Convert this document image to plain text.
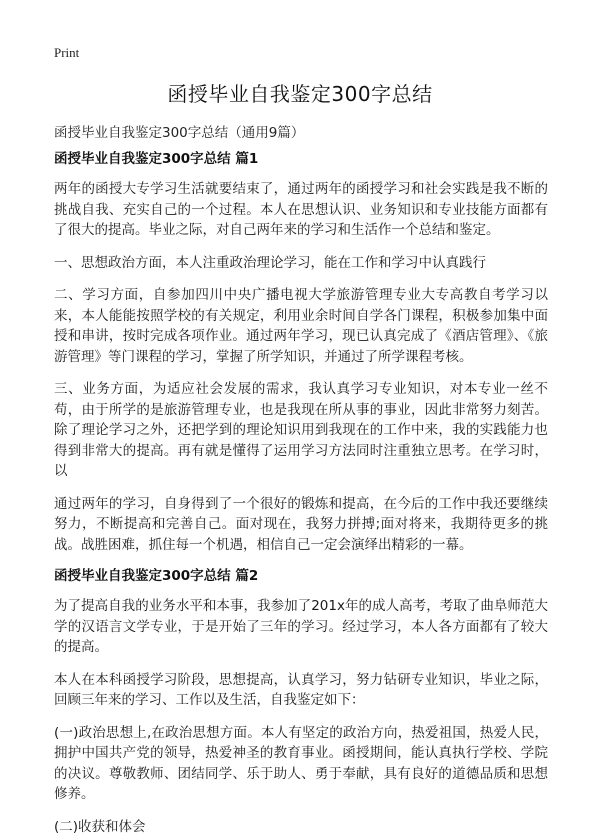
Print
函授毕业自我鉴定300字总结

函授毕业自我鉴定300字总结（通用9篇）

函授毕业自我鉴定300字总结 篇1

两年的函授大专学习生活就要结束了，通过两年的函授学习和社会实践是我不断的挑战自我、充实自己的一个过程。本人在思想认识、业务知识和专业技能方面都有了很大的提高。毕业之际，对自己两年来的学习和生活作一个总结和鉴定。

一、思想政治方面，本人注重政治理论学习，能在工作和学习中认真践行

二、学习方面，自参加四川中央广播电视大学旅游管理专业大专高教自考学习以来，本人能能按照学校的有关规定，利用业余时间自学各门课程，积极参加集中面授和串讲，按时完成各项作业。通过两年学习，现已认真完成了《酒店管理》、《旅游管理》等门课程的学习，掌握了所学知识，并通过了所学课程考核。

三、业务方面，为适应社会发展的需求，我认真学习专业知识，对本专业一丝不苟，由于所学的是旅游管理专业，也是我现在所从事的事业，因此非常努力刻苦。除了理论学习之外，还把学到的理论知识用到我现在的工作中来，我的实践能力也得到非常大的提高。再有就是懂得了运用学习方法同时注重独立思考。在学习时，以

通过两年的学习，自身得到了一个很好的锻炼和提高，在今后的工作中我还要继续努力，不断提高和完善自己。面对现在，我努力拼搏;面对将来，我期待更多的挑战。战胜困难，抓住每一个机遇，相信自己一定会演绎出精彩的一幕。

函授毕业自我鉴定300字总结 篇2

为了提高自我的业务水平和本事，我参加了201x年的成人高考，考取了曲阜师范大学的汉语言文学专业，于是开始了三年的学习。经过学习，本人各方面都有了较大的提高。

本人在本科函授学习阶段，思想提高，认真学习，努力钻研专业知识，毕业之际，回顾三年来的学习、工作以及生活，自我鉴定如下：

(一)政治思想上,在政治思想方面。本人有坚定的政治方向，热爱祖国，热爱人民，拥护中国共产党的领导，热爱神圣的教育事业。函授期间，能认真执行学校、学院的决议。尊敬教师、团结同学、乐于助人、勇于奉献，具有良好的道德品质和思想修养。

(二)收获和体会
